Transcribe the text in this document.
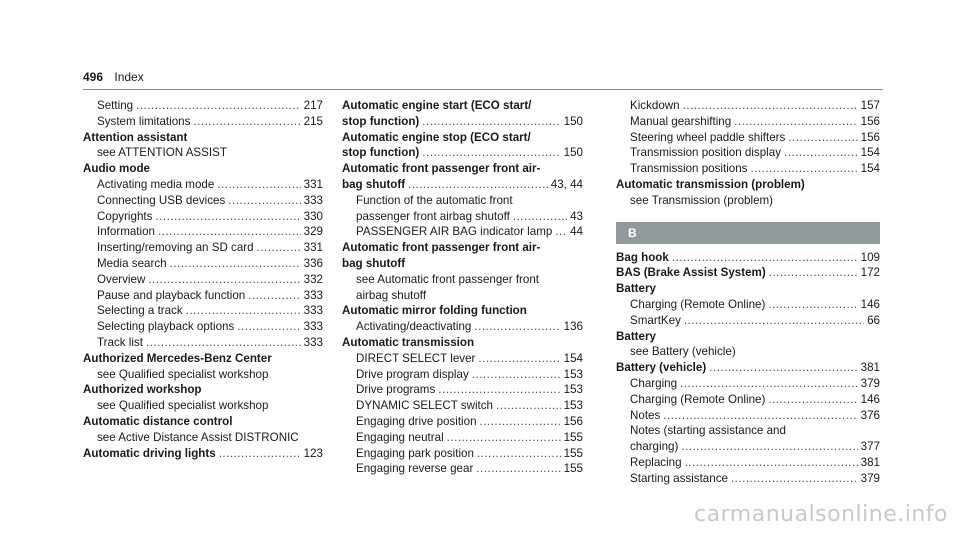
496 Index
Setting .....	217
System limitations .....	215
Attention assistant
see ATTENTION ASSIST
Audio mode
Activating media mode .....	331
Connecting USB devices .....	333
Copyrights .....	330
Information .....	329
Inserting/removing an SD card .....	331
Media search .....	336
Overview .....	332
Pause and playback function .....	333
Selecting a track .....	333
Selecting playback options .....	333
Track list .....	333
Authorized Mercedes-Benz Center
see Qualified specialist workshop
Authorized workshop
see Qualified specialist workshop
Automatic distance control
see Active Distance Assist DISTRONIC
Automatic driving lights .....	123
Automatic engine start (ECO start/
stop function) .....	150
Automatic engine stop (ECO start/
stop function) .....	150
Automatic front passenger front air-
bag shutoff .....	43, 44
Function of the automatic front
passenger front airbag shutoff .....	43
PASSENGER AIR BAG indicator lamp ..... 44
Automatic front passenger front air-
bag shutoff
see Automatic front passenger front
airbag shutoff
Automatic mirror folding function
Activating/deactivating .....	136
Automatic transmission
DIRECT SELECT lever .....	154
Drive program display .....	153
Drive programs .....	153
DYNAMIC SELECT switch .....	153
Engaging drive position .....	156
Engaging neutral .....	155
Engaging park position .....	155
Engaging reverse gear .....	155
Kickdown .....	157
Manual gearshifting .....	156
Steering wheel paddle shifters .....	156
Transmission position display .....	154
Transmission positions .....	154
Automatic transmission (problem)
see Transmission (problem)
B
Bag hook .....	109
BAS (Brake Assist System) .....	172
Battery
Charging (Remote Online) .....	146
SmartKey .....	66
Battery
see Battery (vehicle)
Battery (vehicle) .....	381
Charging .....	379
Charging (Remote Online) .....	146
Notes .....	376
Notes (starting assistance and
charging) .....	377
Replacing .....	381
Starting assistance .....	379
carmanualsonline.info
